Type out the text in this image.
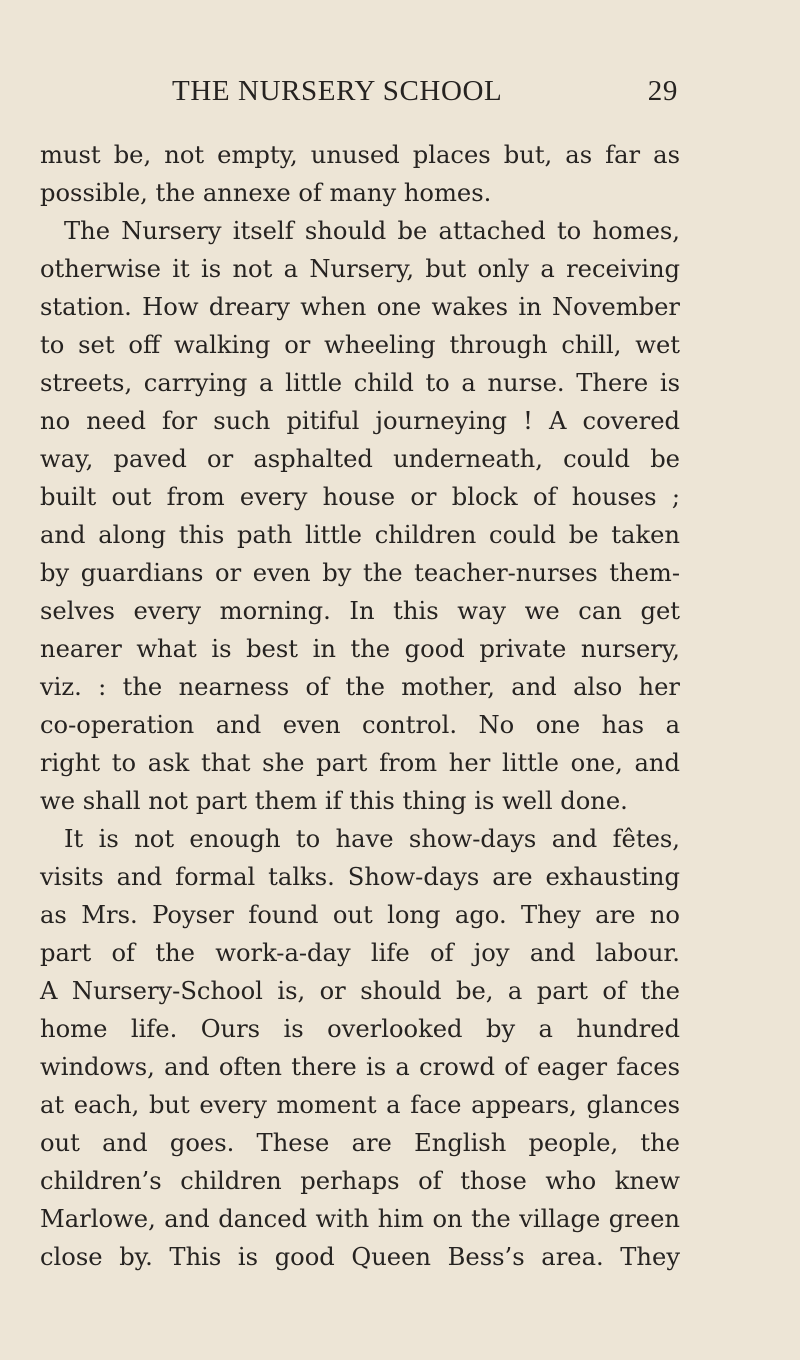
THE NURSERY SCHOOL	29
must be, not empty, unused places but, as far as
possible, the annexe of many homes.
The Nursery itself should be attached to homes,
otherwise it is not a Nursery, but only a receiving
station. How dreary when one wakes in November
to set off walking or wheeling through chill, wet
streets, carrying a little child to a nurse. There is
no need for such pitiful journeying ! A covered
way, paved or asphalted underneath, could be
built out from every house or block of houses ;
and along this path little children could be taken
by guardians or even by the teacher-nurses them-
selves every morning. In this way we can get
nearer what is best in the good private nursery,
viz. : the nearness of the mother, and also her
co-operation and even control. No one has a
right to ask that she part from her little one, and
we shall not part them if this thing is well done.
It is not enough to have show-days and fêtes,
visits and formal talks. Show-days are exhausting
as Mrs. Poyser found out long ago. They are no
part of the work-a-day life of joy and labour.
A Nursery-School is, or should be, a part of the
home life. Ours is overlooked by a hundred
windows, and often there is a crowd of eager faces
at each, but every moment a face appears, glances
out and goes. These are English people, the
children’s children perhaps of those who knew
Marlowe, and danced with him on the village green
close by. This is good Queen Bess’s area. They
